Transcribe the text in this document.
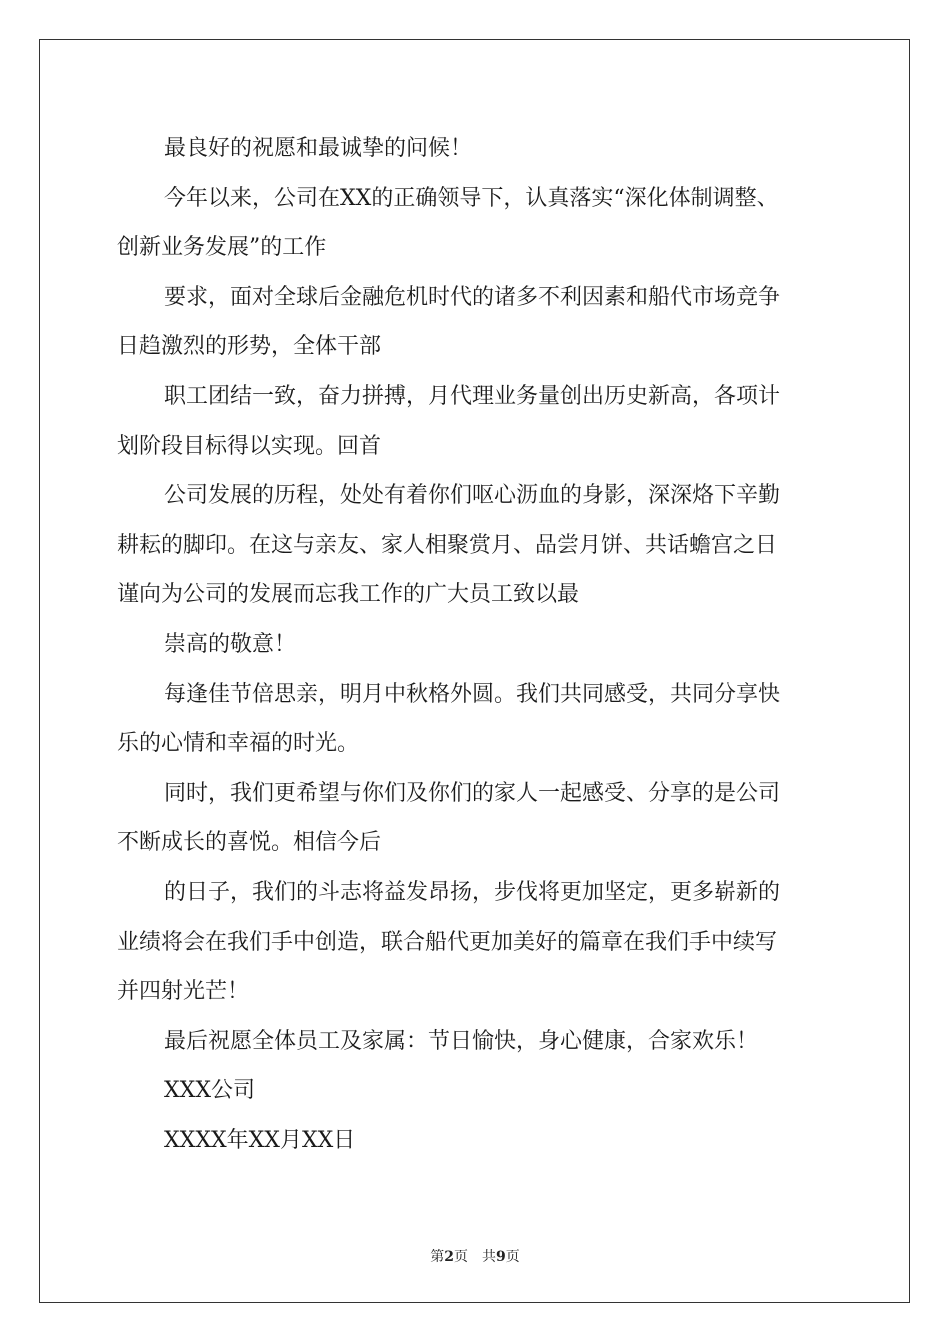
最良好的祝愿和最诚挚的问候！
今年以来，公司在XX的正确领导下，认真落实“深化体制调整、
创新业务发展”的工作
要求，面对全球后金融危机时代的诸多不利因素和船代市场竞争
日趋激烈的形势，全体干部
职工团结一致，奋力拼搏，月代理业务量创出历史新高，各项计
划阶段目标得以实现。回首
公司发展的历程，处处有着你们呕心沥血的身影，深深烙下辛勤
耕耘的脚印。在这与亲友、家人相聚赏月、品尝月饼、共话蟾宫之日
谨向为公司的发展而忘我工作的广大员工致以最
崇高的敬意！
每逢佳节倍思亲，明月中秋格外圆。我们共同感受，共同分享快
乐的心情和幸福的时光。
同时，我们更希望与你们及你们的家人一起感受、分享的是公司
不断成长的喜悦。相信今后
的日子，我们的斗志将益发昂扬，步伐将更加坚定，更多崭新的
业绩将会在我们手中创造，联合船代更加美好的篇章在我们手中续写
并四射光芒！
最后祝愿全体员工及家属：节日愉快，身心健康，合家欢乐！
XXX公司
XXXX年XX月XX日
第2页 共9页
